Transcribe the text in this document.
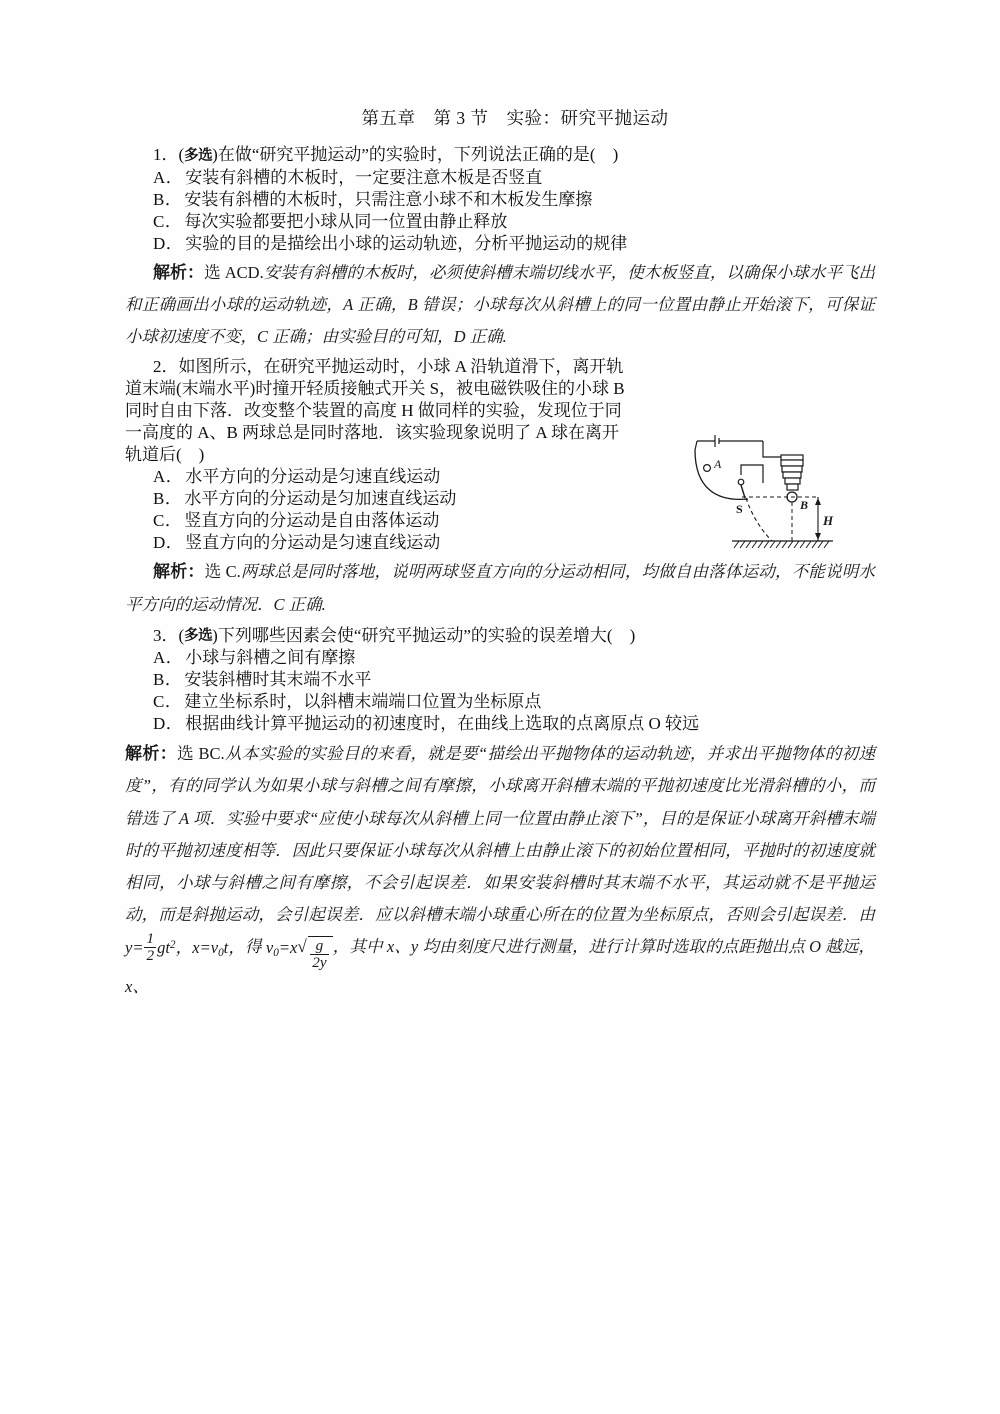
第五章　第 3 节　实验：研究平抛运动
1．(多选)在做“研究平抛运动”的实验时，下列说法正确的是(　)
A． 安装有斜槽的木板时，一定要注意木板是否竖直
B． 安装有斜槽的木板时，只需注意小球不和木板发生摩擦
C． 每次实验都要把小球从同一位置由静止释放
D． 实验的目的是描绘出小球的运动轨迹，分析平抛运动的规律
解析：选 ACD.安装有斜槽的木板时，必须使斜槽末端切线水平，使木板竖直，以确保小球水平飞出和正确画出小球的运动轨迹，A 正确，B 错误；小球每次从斜槽上的同一位置由静止开始滚下，可保证小球初速度不变，C 正确；由实验目的可知，D 正确.
2．如图所示，在研究平抛运动时，小球 A 沿轨道滑下，离开轨
道末端(末端水平)时撞开轻质接触式开关 S，被电磁铁吸住的小球 B
同时自由下落．改变整个装置的高度 H 做同样的实验，发现位于同
一高度的 A、B 两球总是同时落地．该实验现象说明了 A 球在离开
轨道后(　)
A． 水平方向的分运动是匀速直线运动
B． 水平方向的分运动是匀加速直线运动
C． 竖直方向的分运动是自由落体运动
D． 竖直方向的分运动是匀速直线运动
解析：选 C.两球总是同时落地，说明两球竖直方向的分运动相同，均做自由落体运动，不能说明水平方向的运动情况．C 正确.
3．(多选)下列哪些因素会使“研究平抛运动”的实验的误差增大(　)
A． 小球与斜槽之间有摩擦
B． 安装斜槽时其末端不水平
C． 建立坐标系时，以斜槽末端端口位置为坐标原点
D． 根据曲线计算平抛运动的初速度时，在曲线上选取的点离原点 O 较远
解析：选 BC.从本实验的实验目的来看，就是要“描绘出平抛物体的运动轨迹，并求出平抛物体的初速度”，有的同学认为如果小球与斜槽之间有摩擦，小球离开斜槽末端的平抛初速度比光滑斜槽的小，而错选了 A 项．实验中要求“应使小球每次从斜槽上同一位置由静止滚下”，目的是保证小球离开斜槽末端时的平抛初速度相等．因此只要保证小球每次从斜槽上由静止滚下的初始位置相同，平抛时的初速度就相同，小球与斜槽之间有摩擦，不会引起误差．如果安装斜槽时其末端不水平，其运动就不是平抛运动，而是斜抛运动，会引起误差．应以斜槽末端小球重心所在的位置为坐标原点，否则会引起误差．由 $y= \frac{1}{2} gt^2$，$x=v_0t$，得 $v_0=x$ √ $\frac{g}{2y}$ ，其中 x、y 均由刻度尺进行测量，进行计算时选取的点距抛出点 O 越远，x、
A
S	B
H
